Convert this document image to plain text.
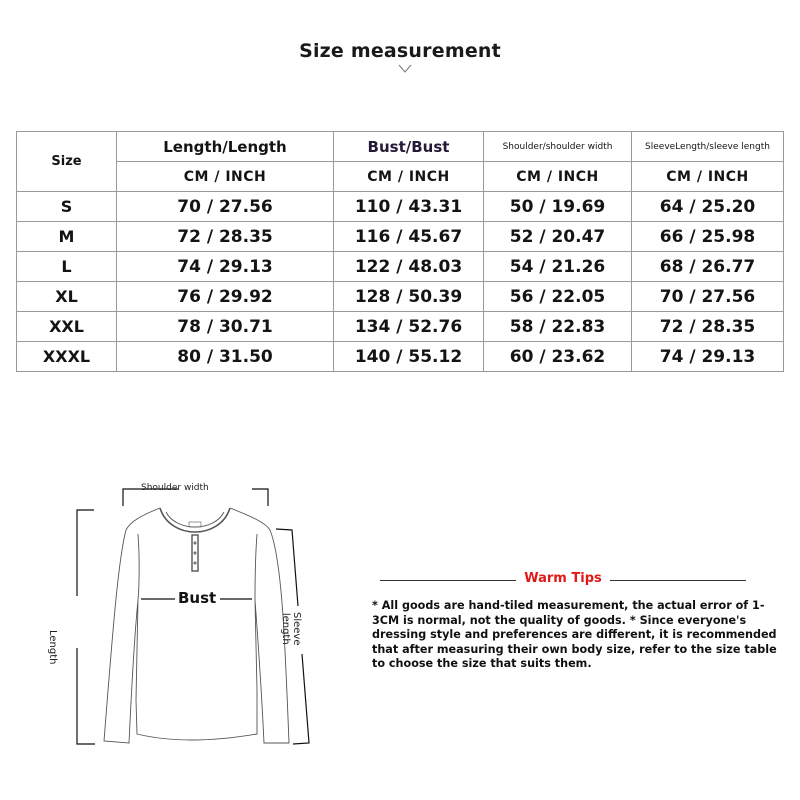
Size measurement
Size	Length/Length	Bust/Bust	Shoulder/shoulder width	SleeveLength/sleeve length
	CM / INCH	CM / INCH	CM / INCH	CM / INCH
S	70 / 27.56	110 / 43.31	50 / 19.69	64 / 25.20
M	72 / 28.35	116 / 45.67	52 / 20.47	66 / 25.98
L	74 / 29.13	122 / 48.03	54 / 21.26	68 / 26.77
XL	76 / 29.92	128 / 50.39	56 / 22.05	70 / 27.56
XXL	78 / 30.71	134 / 52.76	58 / 22.83	72 / 28.35
XXXL	80 / 31.50	140 / 55.12	60 / 23.62	74 / 29.13
Shoulder width
Bust
Length
Sleeve
length
Warm Tips
* All goods are hand-tiled measurement, the actual error of 1-3CM is normal, not the quality of goods. * Since everyone's dressing style and preferences are different, it is recommended that after measuring their own body size, refer to the size table to choose the size that suits them.
